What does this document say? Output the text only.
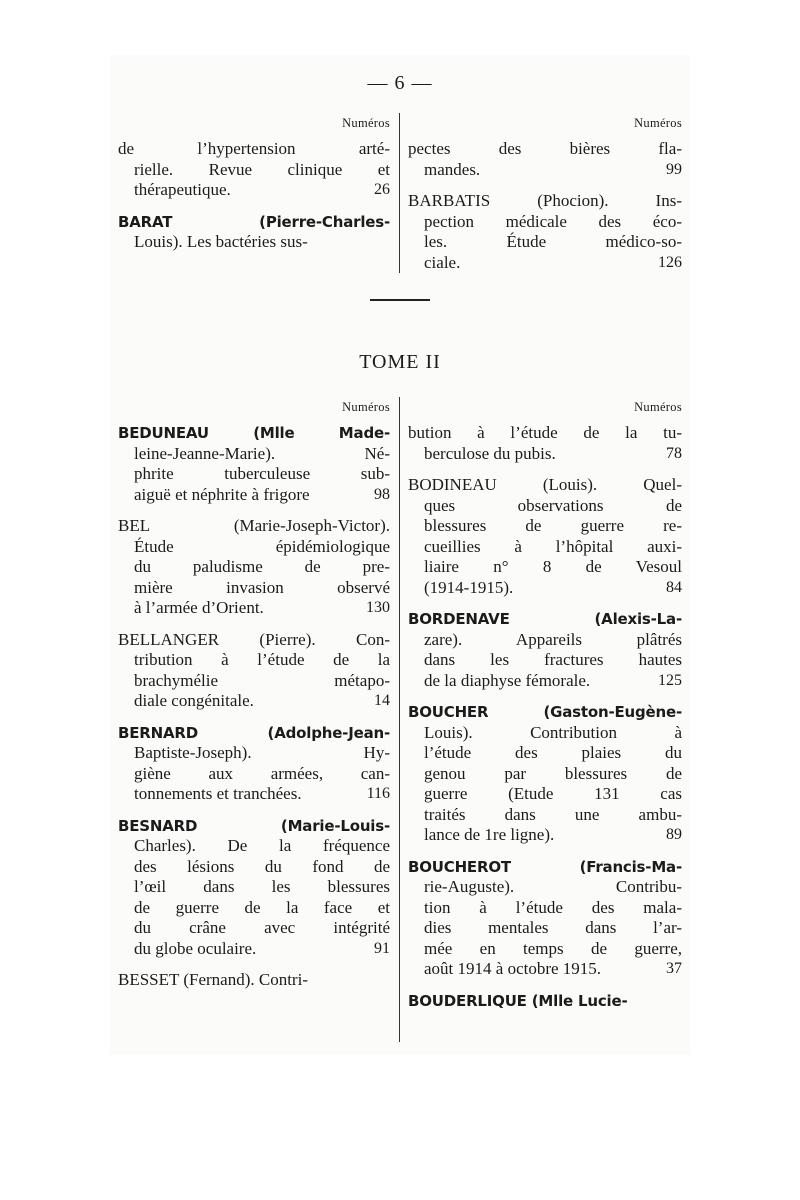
— 6 —
Numéros
de l’hypertension arté-
rielle. Revue clinique et
thérapeutique.	26
BARAT (Pierre-Charles-
Louis). Les bactéries sus-
Numéros
pectes des bières fla-
mandes.	99
BARBATIS (Phocion). Ins-
pection médicale des éco-
les. Étude médico-so-
ciale.	126
TOME II
Numéros
BEDUNEAU (Mlle Made-
leine-Jeanne-Marie). Né-
phrite tuberculeuse sub-
aiguë et néphrite à frigore	98
BEL (Marie-Joseph-Victor).
Étude épidémiologique
du paludisme de pre-
mière invasion observé
à l’armée d’Orient.	130
BELLANGER (Pierre). Con-
tribution à l’étude de la
brachymélie métapo-
diale congénitale.	14
BERNARD (Adolphe-Jean-
Baptiste-Joseph). Hy-
giène aux armées, can-
tonnements et tranchées.	116
BESNARD (Marie-Louis-
Charles). De la fréquence
des lésions du fond de
l’œil dans les blessures
de guerre de la face et
du crâne avec intégrité
du globe oculaire.	91
BESSET (Fernand). Contri-
Numéros
bution à l’étude de la tu-
berculose du pubis.	78
BODINEAU (Louis). Quel-
ques observations de
blessures de guerre re-
cueillies à l’hôpital auxi-
liaire n° 8 de Vesoul
(1914-1915).	84
BORDENAVE (Alexis-La-
zare). Appareils plâtrés
dans les fractures hautes
de la diaphyse fémorale.	125
BOUCHER (Gaston-Eugène-
Louis). Contribution à
l’étude des plaies du
genou par blessures de
guerre (Etude 131 cas
traités dans une ambu-
lance de 1re ligne).	89
BOUCHEROT (Francis-Ma-
rie-Auguste). Contribu-
tion à l’étude des mala-
dies mentales dans l’ar-
mée en temps de guerre,
août 1914 à octobre 1915.	37
BOUDERLIQUE (Mlle Lucie-
